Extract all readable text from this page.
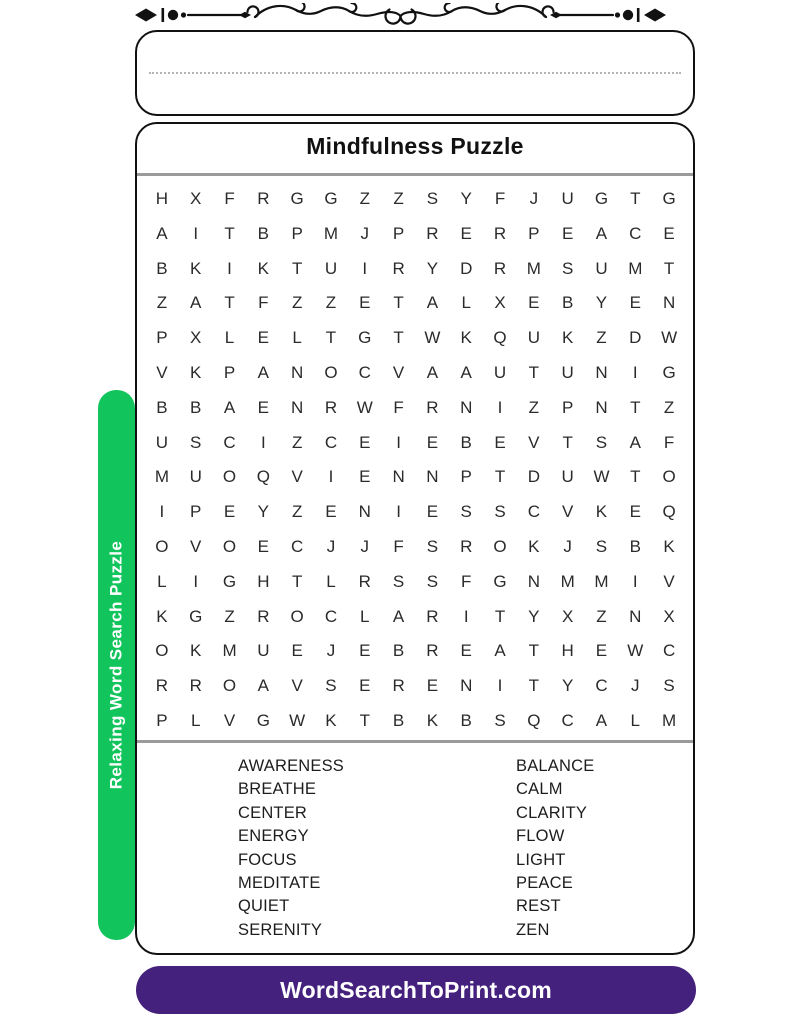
Relaxing Word Search Puzzle
Mindfulness Puzzle
H X F R G G Z Z S Y F J U G T G
A I T B P M J P R E R P E A C E
B K I K T U I R Y D R M S U M T
Z A T F Z Z E T A L X E B Y E N
P X L E L T G T W K Q U K Z D W
V K P A N O C V A A U T U N I G
B B A E N R W F R N I Z P N T Z
U S C I Z C E I E B E V T S A F
M U O Q V I E N N P T D U W T O
I P E Y Z E N I E S S C V K E Q
O V O E C J J F S R O K J S B K
L I G H T L R S S F G N M M I V
K G Z R O C L A R I T Y X Z N X
O K M U E J E B R E A T H E W C
R R O A V S E R E N I T Y C J S
P L V G W K T B K B S Q C A L M
AWARENESS
BREATHE
CENTER
ENERGY
FOCUS
MEDITATE
QUIET
SERENITY
BALANCE
CALM
CLARITY
FLOW
LIGHT
PEACE
REST
ZEN
WordSearchToPrint.com
